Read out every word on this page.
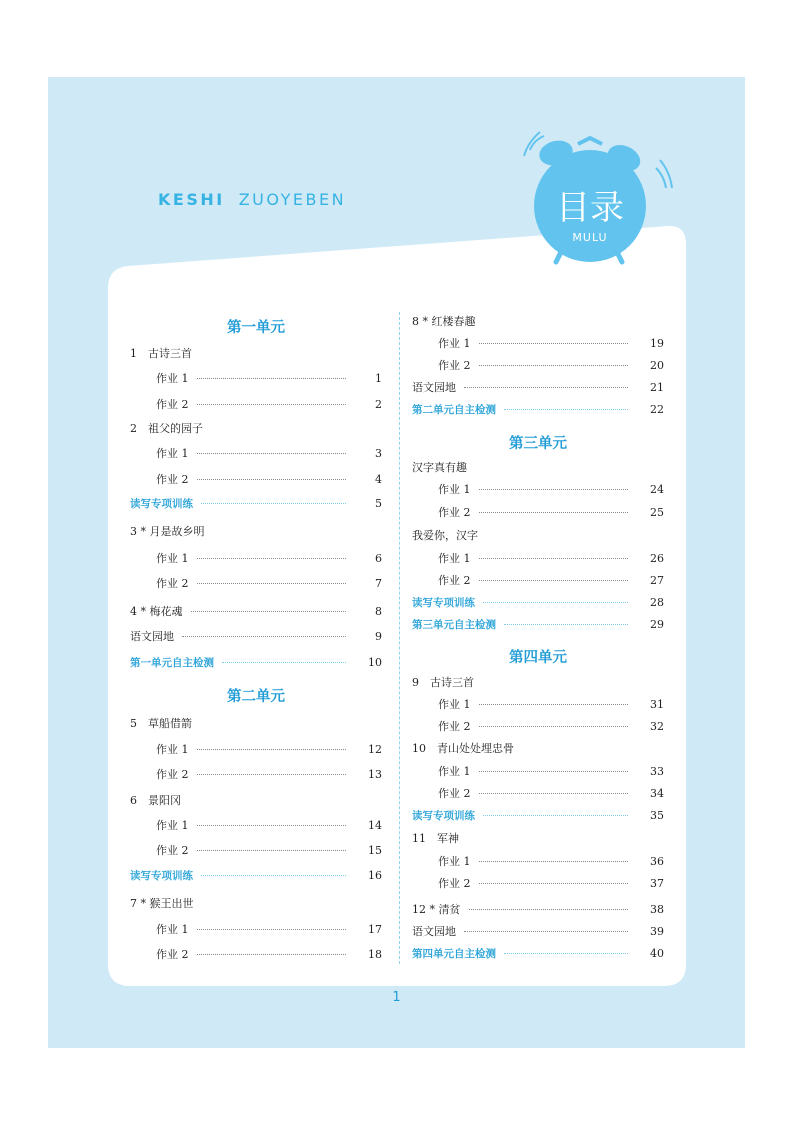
KESHI ZUOYEBEN	目录
MULU
第一单元
1　古诗三首
作业 1	1
作业 2	2
2　祖父的园子
作业 1	3
作业 2	4
读写专项训练	5
3 * 月是故乡明
作业 1	6
作业 2	7
4 * 梅花魂	8
语文园地	9
第一单元自主检测	10
第二单元
5　草船借箭
作业 1	12
作业 2	13
6　景阳冈
作业 1	14
作业 2	15
读写专项训练	16
7 * 猴王出世
作业 1	17
作业 2	18
8 * 红楼春趣
作业 1	19
作业 2	20
语文园地	21
第二单元自主检测	22
第三单元
汉字真有趣
作业 1	24
作业 2	25
我爱你，汉字
作业 1	26
作业 2	27
读写专项训练	28
第三单元自主检测	29
第四单元
9　古诗三首
作业 1	31
作业 2	32
10　青山处处埋忠骨
作业 1	33
作业 2	34
读写专项训练	35
11　军神
作业 1	36
作业 2	37
12 * 清贫	38
语文园地	39
第四单元自主检测	40
1
